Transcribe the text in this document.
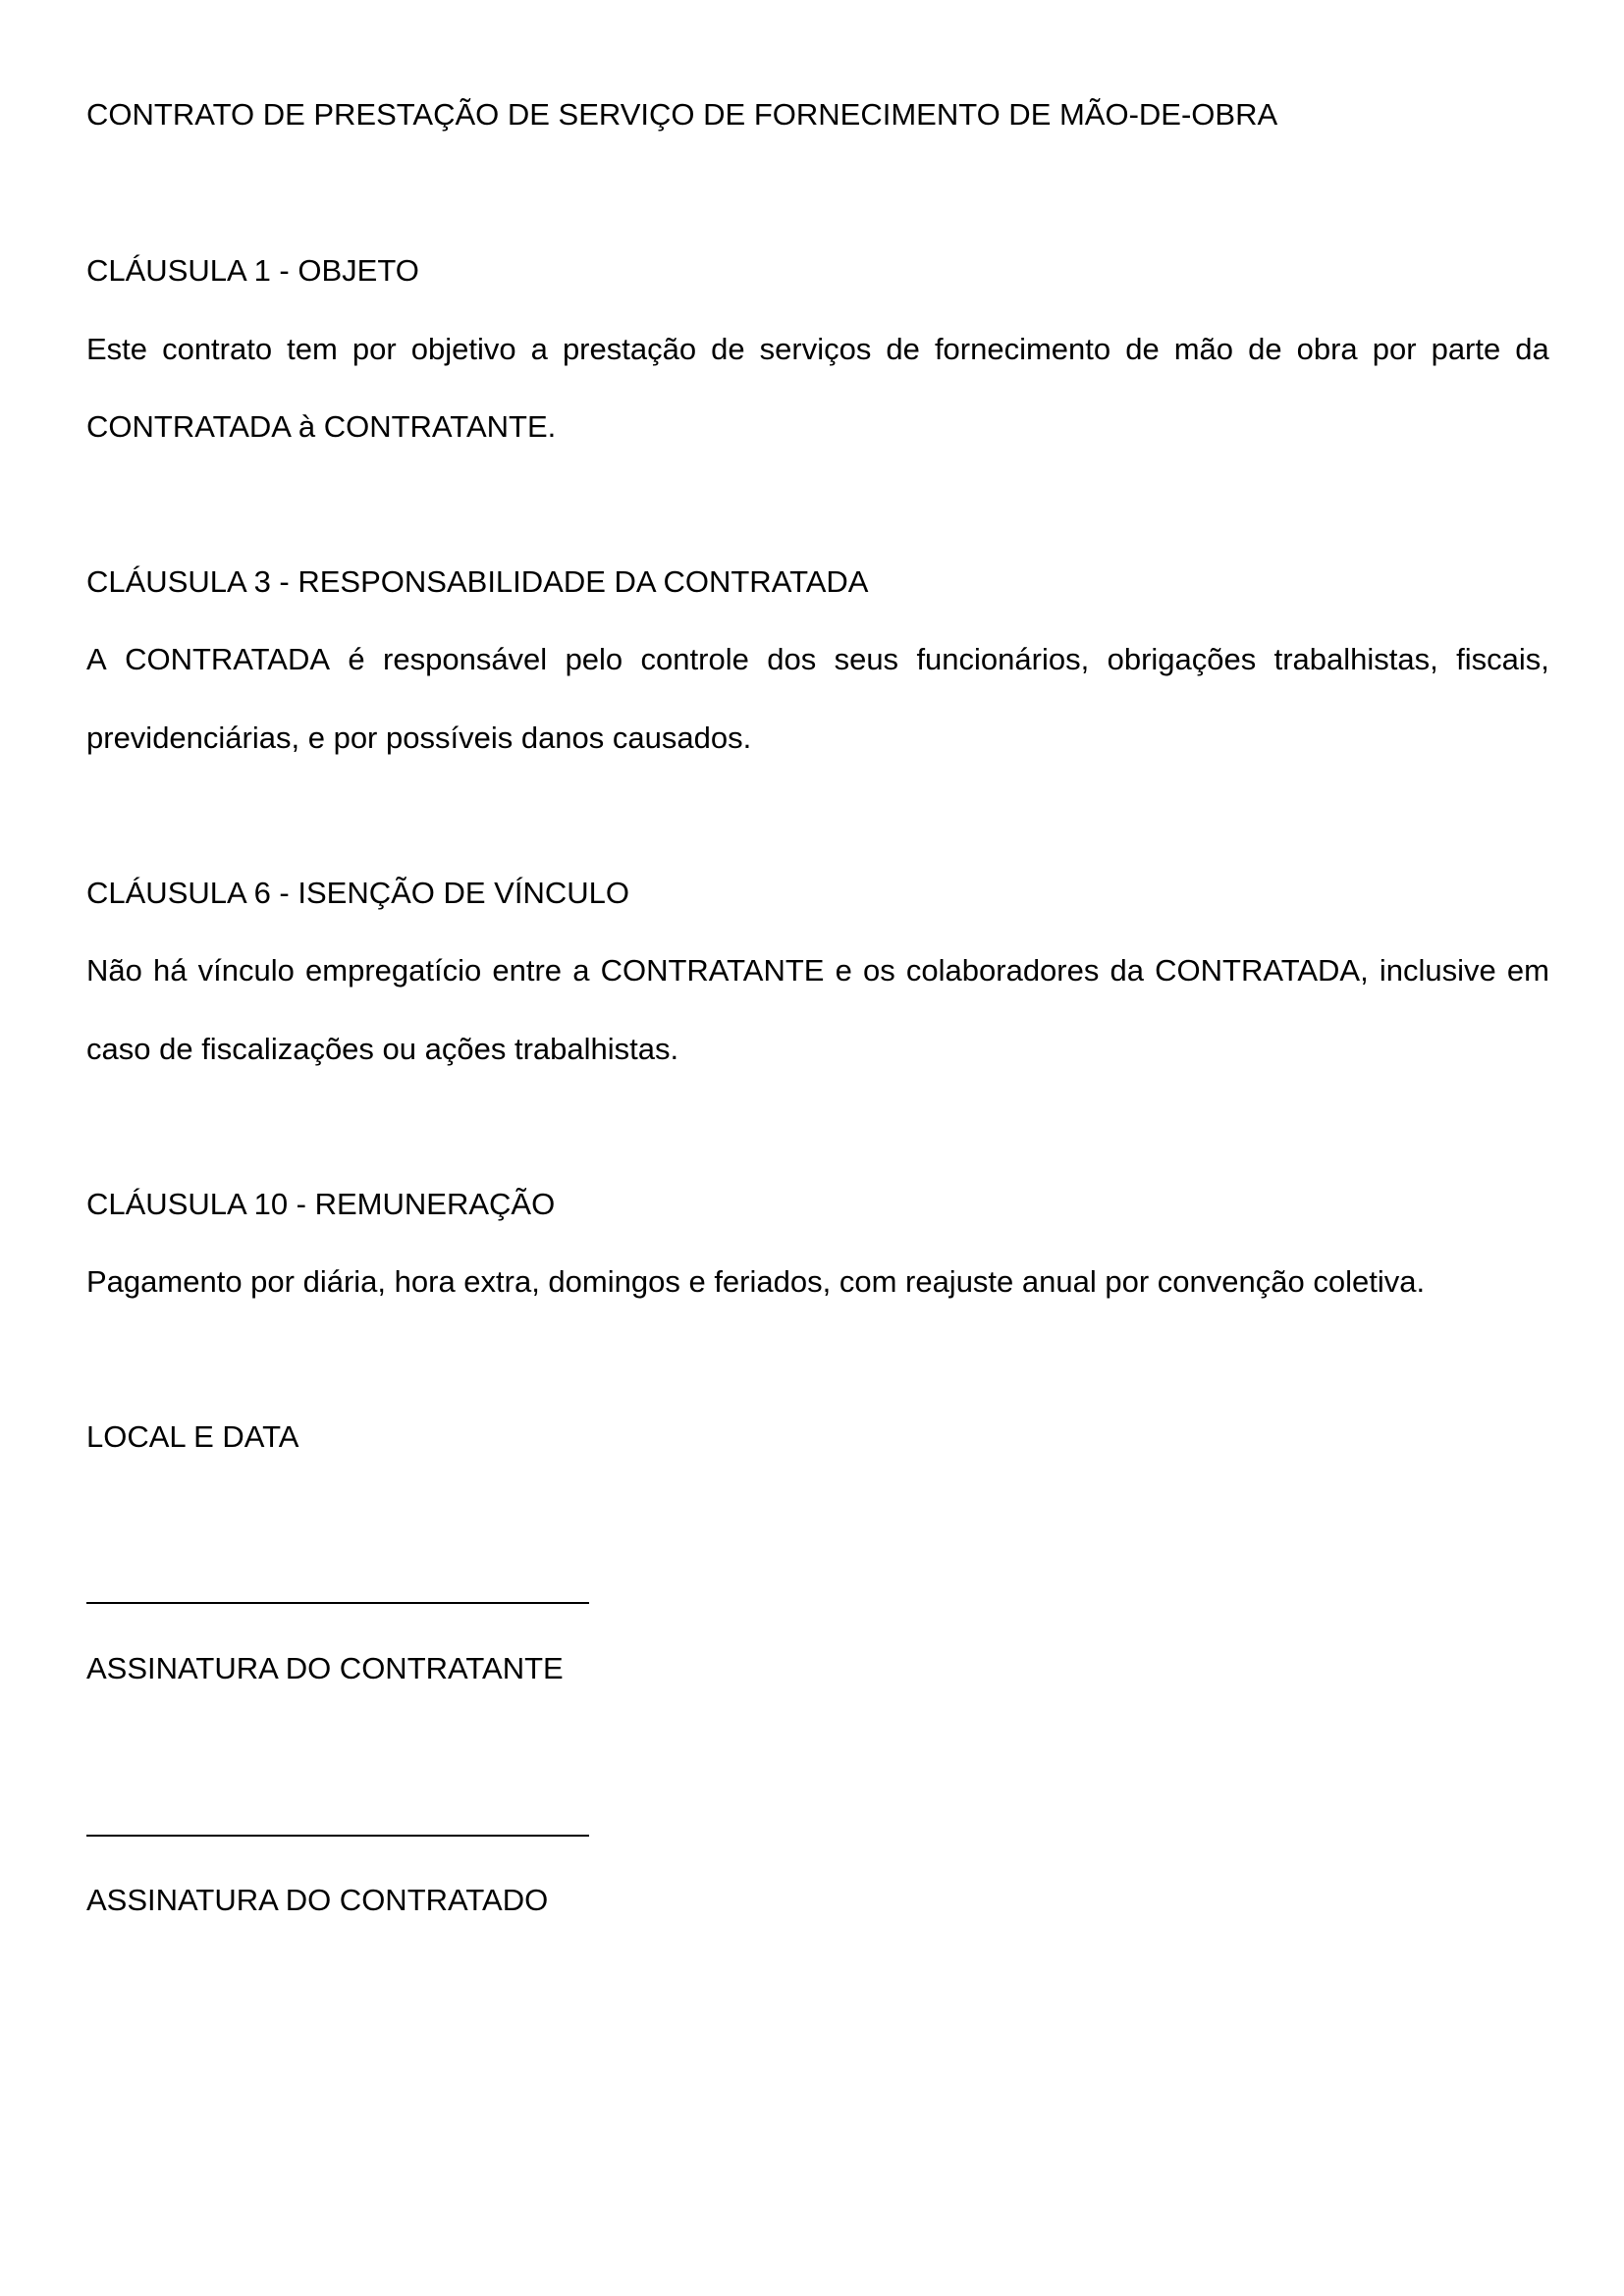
CONTRATO DE PRESTAÇÃO DE SERVIÇO DE FORNECIMENTO DE MÃO-DE-OBRA
CLÁUSULA 1 - OBJETO
Este contrato tem por objetivo a prestação de serviços de fornecimento de mão de obra por parte da
CONTRATADA à CONTRATANTE.
CLÁUSULA 3 - RESPONSABILIDADE DA CONTRATADA
A CONTRATADA é responsável pelo controle dos seus funcionários, obrigações trabalhistas, fiscais,
previdenciárias, e por possíveis danos causados.
CLÁUSULA 6 - ISENÇÃO DE VÍNCULO
Não há vínculo empregatício entre a CONTRATANTE e os colaboradores da CONTRATADA, inclusive em
caso de fiscalizações ou ações trabalhistas.
CLÁUSULA 10 - REMUNERAÇÃO
Pagamento por diária, hora extra, domingos e feriados, com reajuste anual por convenção coletiva.
LOCAL E DATA
ASSINATURA DO CONTRATANTE
ASSINATURA DO CONTRATADO
